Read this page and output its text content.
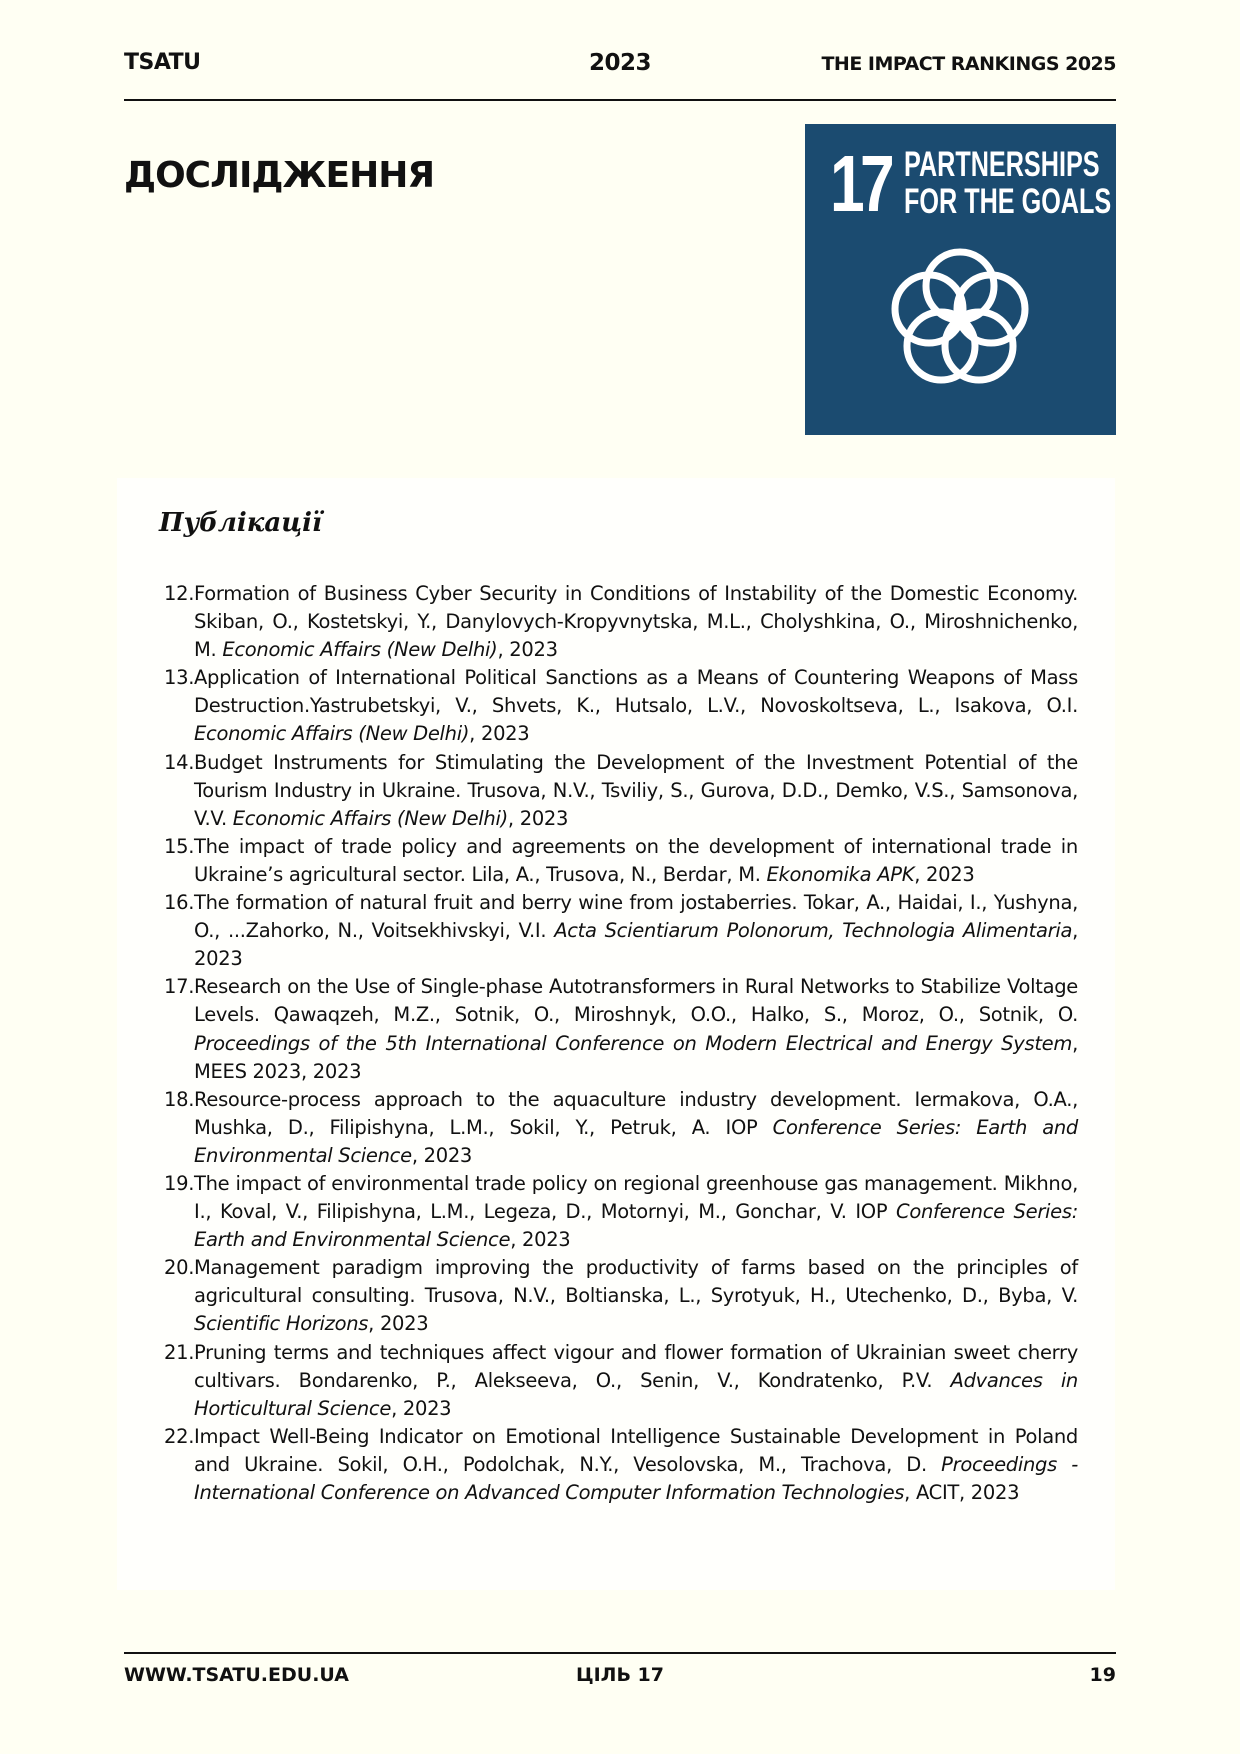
TSATU	2023	THE IMPACT RANKINGS 2025
ДОСЛІДЖЕННЯ	17 PARTNERSHIPS
FOR THE GOALS
Публікації
12. Formation of Business Cyber Security in Conditions of Instability of the Domestic Economy. Skiban, O., Kostetskyi, Y., Danylovych-Kropyvnytska, M.L., Cholyshkina, O., Miroshnichenko, M. Economic Affairs (New Delhi), 2023
13. Application of International Political Sanctions as a Means of Countering Weapons of Mass Destruction.Yastrubetskyi, V., Shvets, K., Hutsalo, L.V., Novoskoltseva, L., Isakova, O.I. Economic Affairs (New Delhi), 2023
14. Budget Instruments for Stimulating the Development of the Investment Potential of the Tourism Industry in Ukraine. Trusova, N.V., Tsviliy, S., Gurova, D.D., Demko, V.S., Samsonova, V.V. Economic Affairs (New Delhi), 2023
15. The impact of trade policy and agreements on the development of international trade in Ukraine’s agricultural sector. Lila, A., Trusova, N., Berdar, M. Ekonomika APK, 2023
16. The formation of natural fruit and berry wine from jostaberries. Tokar, A., Haidai, I., Yushyna, O., ...Zahorko, N., Voitsekhivskyi, V.I. Acta Scientiarum Polonorum, Technologia Alimentaria, 2023
17. Research on the Use of Single-phase Autotransformers in Rural Networks to Stabilize Voltage Levels. Qawaqzeh, M.Z., Sotnik, O., Miroshnyk, O.O., Halko, S., Moroz, O., Sotnik, O. Proceedings of the 5th International Conference on Modern Electrical and Energy System, MEES 2023, 2023
18. Resource-process approach to the aquaculture industry development. Iermakova, O.A., Mushka, D., Filipishyna, L.M., Sokil, Y., Petruk, A. IOP Conference Series: Earth and Environmental Science, 2023
19. The impact of environmental trade policy on regional greenhouse gas management. Mikhno, I., Koval, V., Filipishyna, L.M., Legeza, D., Motornyi, M., Gonchar, V. IOP Conference Series: Earth and Environmental Science, 2023
20. Management paradigm improving the productivity of farms based on the principles of agricultural consulting. Trusova, N.V., Boltianska, L., Syrotyuk, H., Utechenko, D., Byba, V. Scientific Horizons, 2023
21. Pruning terms and techniques affect vigour and flower formation of Ukrainian sweet cherry cultivars. Bondarenko, P., Alekseeva, O., Senin, V., Kondratenko, P.V. Advances in Horticultural Science, 2023
22. Impact Well-Being Indicator on Emotional Intelligence Sustainable Development in Poland and Ukraine. Sokil, O.H., Podolchak, N.Y., Vesolovska, M., Trachova, D. Proceedings - International Conference on Advanced Computer Information Technologies, ACIT, 2023
WWW.TSATU.EDU.UA	ЦІЛЬ 17	19
